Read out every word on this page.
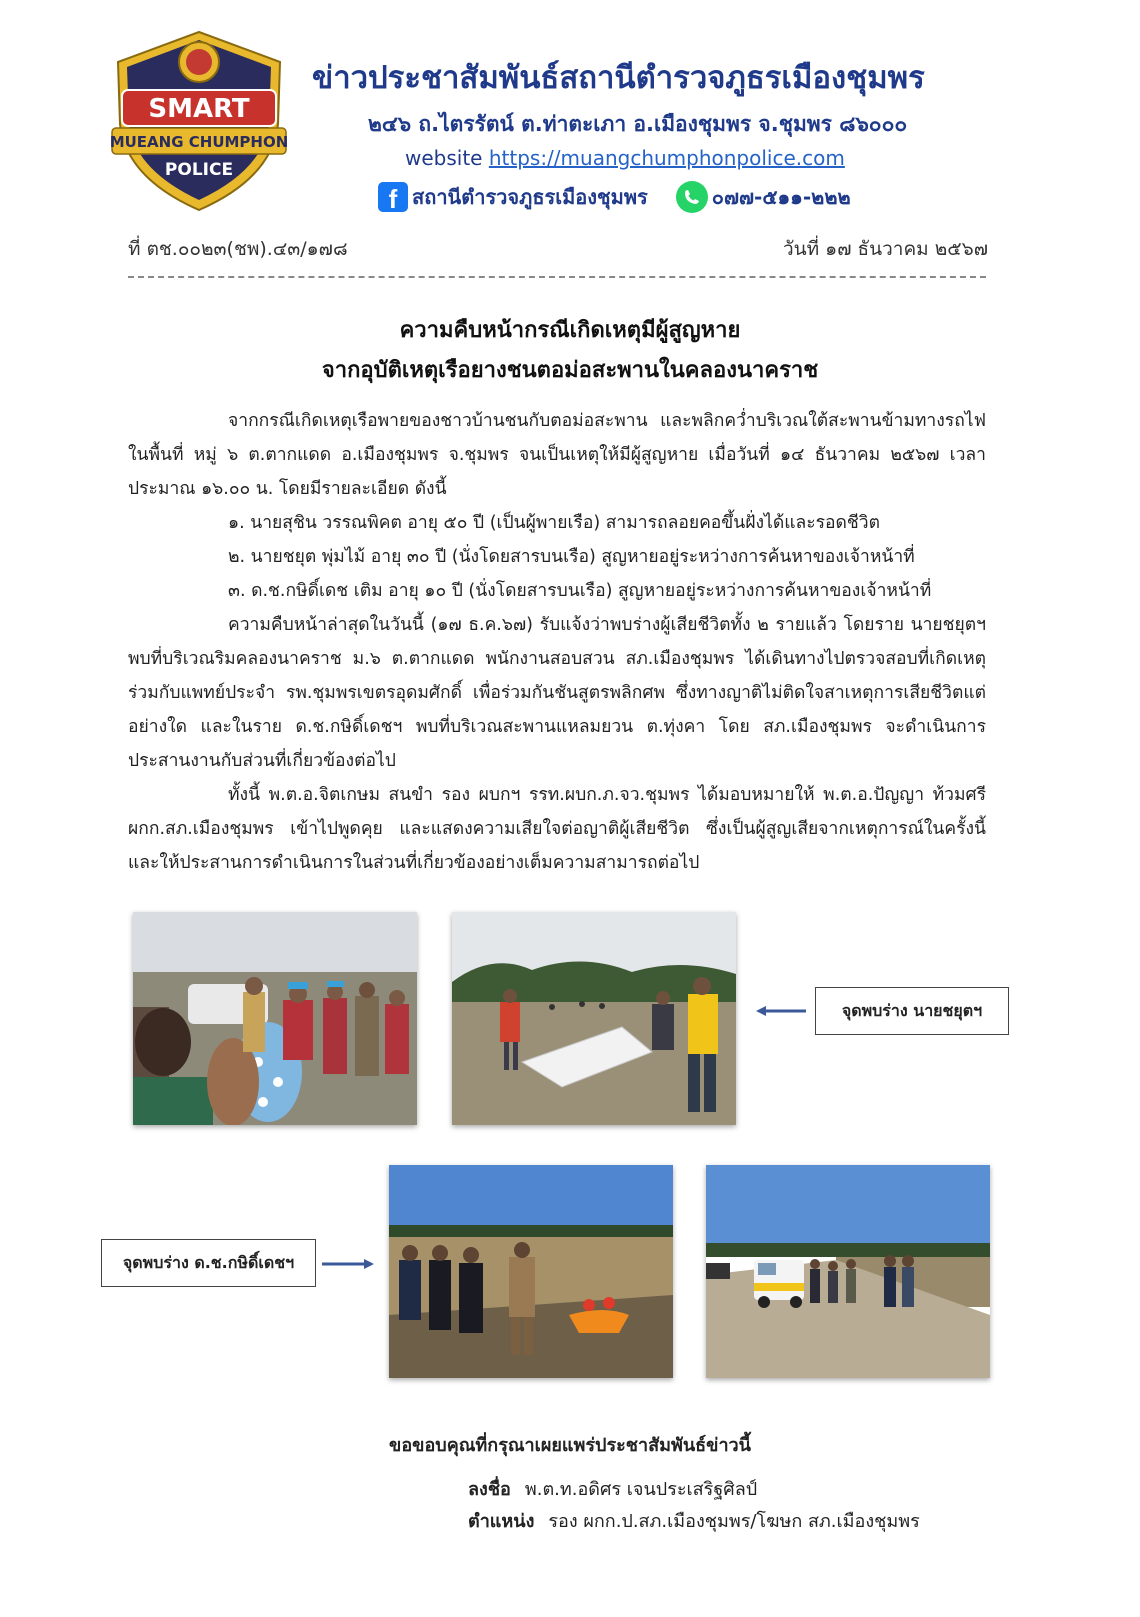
SMART
MUEANG CHUMPHON
POLICE
ข่าวประชาสัมพันธ์สถานีตำรวจภูธรเมืองชุมพร
๒๔๖ ถ.ไตรรัตน์ ต.ท่าตะเภา อ.เมืองชุมพร จ.ชุมพร ๘๖๐๐๐
website https://muangchumphonpolice.com
f สถานีตำรวจภูธรเมืองชุมพร	๐๗๗-๕๑๑-๒๒๒
ที่ ตช.๐๐๒๓(ชพ).๔๓/๑๗๘	วันที่ ๑๗ ธันวาคม ๒๕๖๗
ความคืบหน้ากรณีเกิดเหตุมีผู้สูญหาย
จากอุบัติเหตุเรือยางชนตอม่อสะพานในคลองนาคราช

จากกรณีเกิดเหตุเรือพายของชาวบ้านชนกับตอม่อสะพาน และพลิกคว่ำบริเวณใต้สะพานข้ามทางรถไฟ ในพื้นที่ หมู่ ๖ ต.ตากแดด อ.เมืองชุมพร จ.ชุมพร จนเป็นเหตุให้มีผู้สูญหาย เมื่อวันที่ ๑๔ ธันวาคม ๒๕๖๗ เวลาประมาณ ๑๖.๐๐ น. โดยมีรายละเอียด ดังนี้

๑. นายสุชิน วรรณพิคต อายุ ๕๐ ปี (เป็นผู้พายเรือ) สามารถลอยคอขึ้นฝั่งได้และรอดชีวิต

๒. นายชยุต พุ่มไม้ อายุ ๓๐ ปี (นั่งโดยสารบนเรือ) สูญหายอยู่ระหว่างการค้นหาของเจ้าหน้าที่

๓. ด.ช.กษิดิ์เดช เติม อายุ ๑๐ ปี (นั่งโดยสารบนเรือ) สูญหายอยู่ระหว่างการค้นหาของเจ้าหน้าที่

ความคืบหน้าล่าสุดในวันนี้ (๑๗ ธ.ค.๖๗) รับแจ้งว่าพบร่างผู้เสียชีวิตทั้ง ๒ รายแล้ว โดยราย นายชยุตฯ พบที่บริเวณริมคลองนาคราช ม.๖ ต.ตากแดด พนักงานสอบสวน สภ.เมืองชุมพร ได้เดินทางไปตรวจสอบที่เกิดเหตุร่วมกับแพทย์ประจำ รพ.ชุมพรเขตรอุดมศักดิ์ เพื่อร่วมกันชันสูตรพลิกศพ ซึ่งทางญาติไม่ติดใจสาเหตุการเสียชีวิตแต่อย่างใด และในราย ด.ช.กษิดิ์เดชฯ พบที่บริเวณสะพานแหลมยวน ต.ทุ่งคา โดย สภ.เมืองชุมพร จะดำเนินการประสานงานกับส่วนที่เกี่ยวข้องต่อไป

ทั้งนี้ พ.ต.อ.จิตเกษม สนขำ รอง ผบกฯ รรท.ผบก.ภ.จว.ชุมพร ได้มอบหมายให้ พ.ต.อ.ปัญญา ท้วมศรี ผกก.สภ.เมืองชุมพร เข้าไปพูดคุย และแสดงความเสียใจต่อญาติผู้เสียชีวิต ซึ่งเป็นผู้สูญเสียจากเหตุการณ์ในครั้งนี้ และให้ประสานการดำเนินการในส่วนที่เกี่ยวข้องอย่างเต็มความสามารถต่อไป

จุดพบร่าง นายชยุตฯ
จุดพบร่าง ด.ช.กษิดิ์เดชฯ
ขอขอบคุณที่กรุณาเผยแพร่ประชาสัมพันธ์ข่าวนี้
ลงชื่อ พ.ต.ท.อดิศร เจนประเสริฐศิลป์
ตำแหน่ง รอง ผกก.ป.สภ.เมืองชุมพร/โฆษก สภ.เมืองชุมพร
